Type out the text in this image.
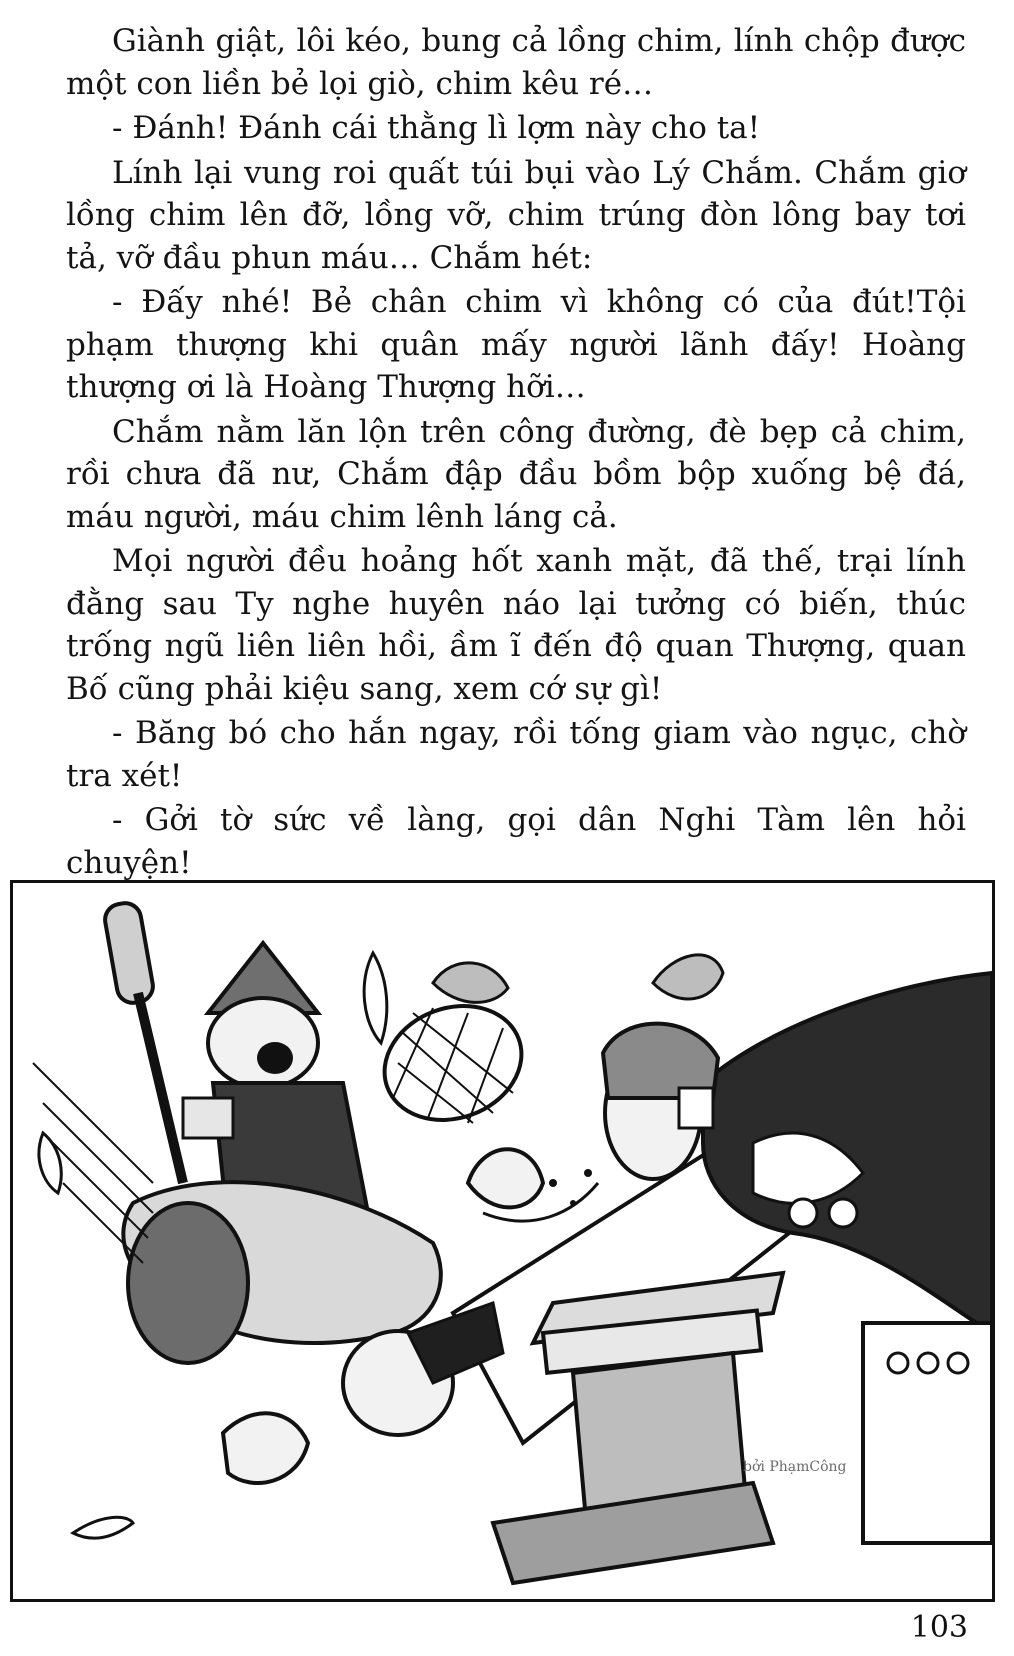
Giành giật, lôi kéo, bung cả lồng chim, lính chộp được một con liền bẻ lọi giò, chim kêu ré…

- Đánh! Đánh cái thằng lì lợm này cho ta!

Lính lại vung roi quất túi bụi vào Lý Chắm. Chắm giơ lồng chim lên đỡ, lồng vỡ, chim trúng đòn lông bay tơi tả, vỡ đầu phun máu… Chắm hét:

- Đấy nhé! Bẻ chân chim vì không có của đút!Tội phạm thượng khi quân mấy người lãnh đấy! Hoàng thượng ơi là Hoàng Thượng hỡi…

Chắm nằm lăn lộn trên công đường, đè bẹp cả chim, rồi chưa đã nư, Chắm đập đầu bồm bộp xuống bệ đá, máu người, máu chim lênh láng cả.

Mọi người đều hoảng hốt xanh mặt, đã thế, trại lính đằng sau Ty nghe huyên náo lại tưởng có biến, thúc trống ngũ liên liên hồi, ầm ĩ đến độ quan Thượng, quan Bố cũng phải kiệu sang, xem cớ sự gì!

- Băng bó cho hắn ngay, rồi tống giam vào ngục, chờ tra xét!

- Gởi tờ sức về làng, gọi dân Nghi Tàm lên hỏi chuyện!

bởi PhạmCông
103
